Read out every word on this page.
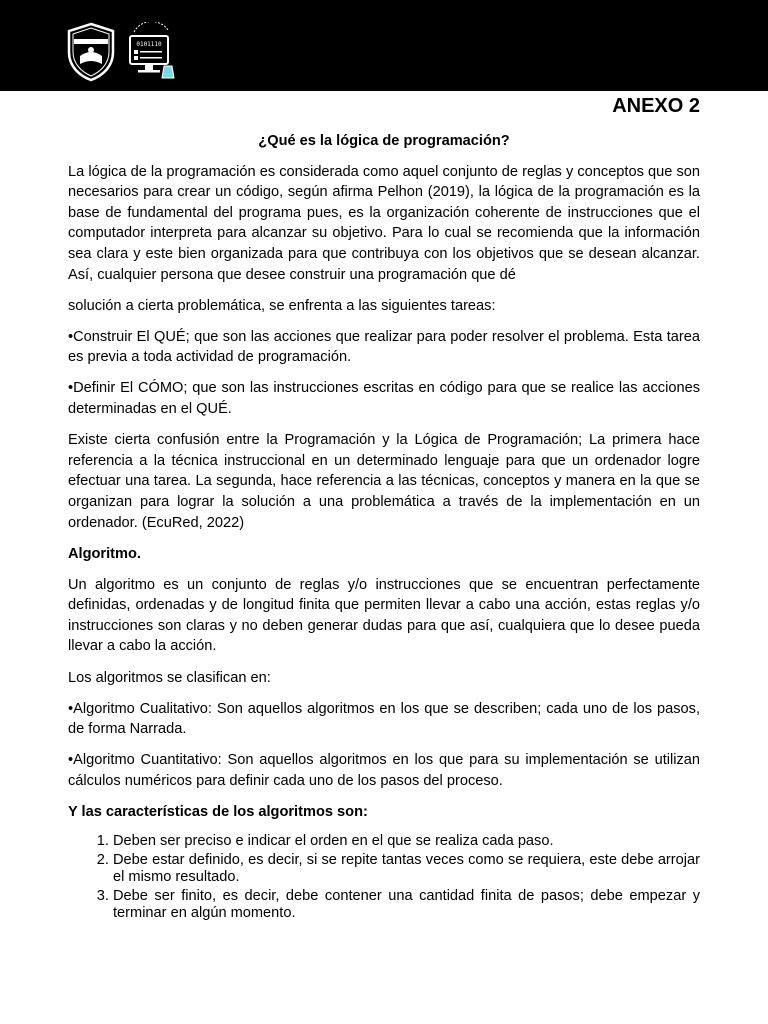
0101110
ANEXO 2
¿Qué es la lógica de programación?

La lógica de la programación es considerada como aquel conjunto de reglas y conceptos que son necesarios para crear un código, según afirma Pelhon (2019), la lógica de la programación es la base de fundamental del programa pues, es la organización coherente de instrucciones que el computador interpreta para alcanzar su objetivo. Para lo cual se recomienda que la información sea clara y este bien organizada para que contribuya con los objetivos que se desean alcanzar. Así, cualquier persona que desee construir una programación que dé

solución a cierta problemática, se enfrenta a las siguientes tareas:

•Construir El QUÉ; que son las acciones que realizar para poder resolver el problema. Esta tarea es previa a toda actividad de programación.

•Definir El CÓMO; que son las instrucciones escritas en código para que se realice las acciones determinadas en el QUÉ.

Existe cierta confusión entre la Programación y la Lógica de Programación; La primera hace referencia a la técnica instruccional en un determinado lenguaje para que un ordenador logre efectuar una tarea. La segunda, hace referencia a las técnicas, conceptos y manera en la que se organizan para lograr la solución a una problemática a través de la implementación en un ordenador. (EcuRed, 2022)

Algoritmo.

Un algoritmo es un conjunto de reglas y/o instrucciones que se encuentran perfectamente definidas, ordenadas y de longitud finita que permiten llevar a cabo una acción, estas reglas y/o instrucciones son claras y no deben generar dudas para que así, cualquiera que lo desee pueda llevar a cabo la acción.

Los algoritmos se clasifican en:

•Algoritmo Cualitativo: Son aquellos algoritmos en los que se describen; cada uno de los pasos, de forma Narrada.

•Algoritmo Cuantitativo: Son aquellos algoritmos en los que para su implementación se utilizan cálculos numéricos para definir cada uno de los pasos del proceso.

Y las características de los algoritmos son:
1. Deben ser preciso e indicar el orden en el que se realiza cada paso.
2. Debe estar definido, es decir, si se repite tantas veces como se requiera, este debe arrojar el mismo resultado.
3. Debe ser finito, es decir, debe contener una cantidad finita de pasos; debe empezar y terminar en algún momento.
